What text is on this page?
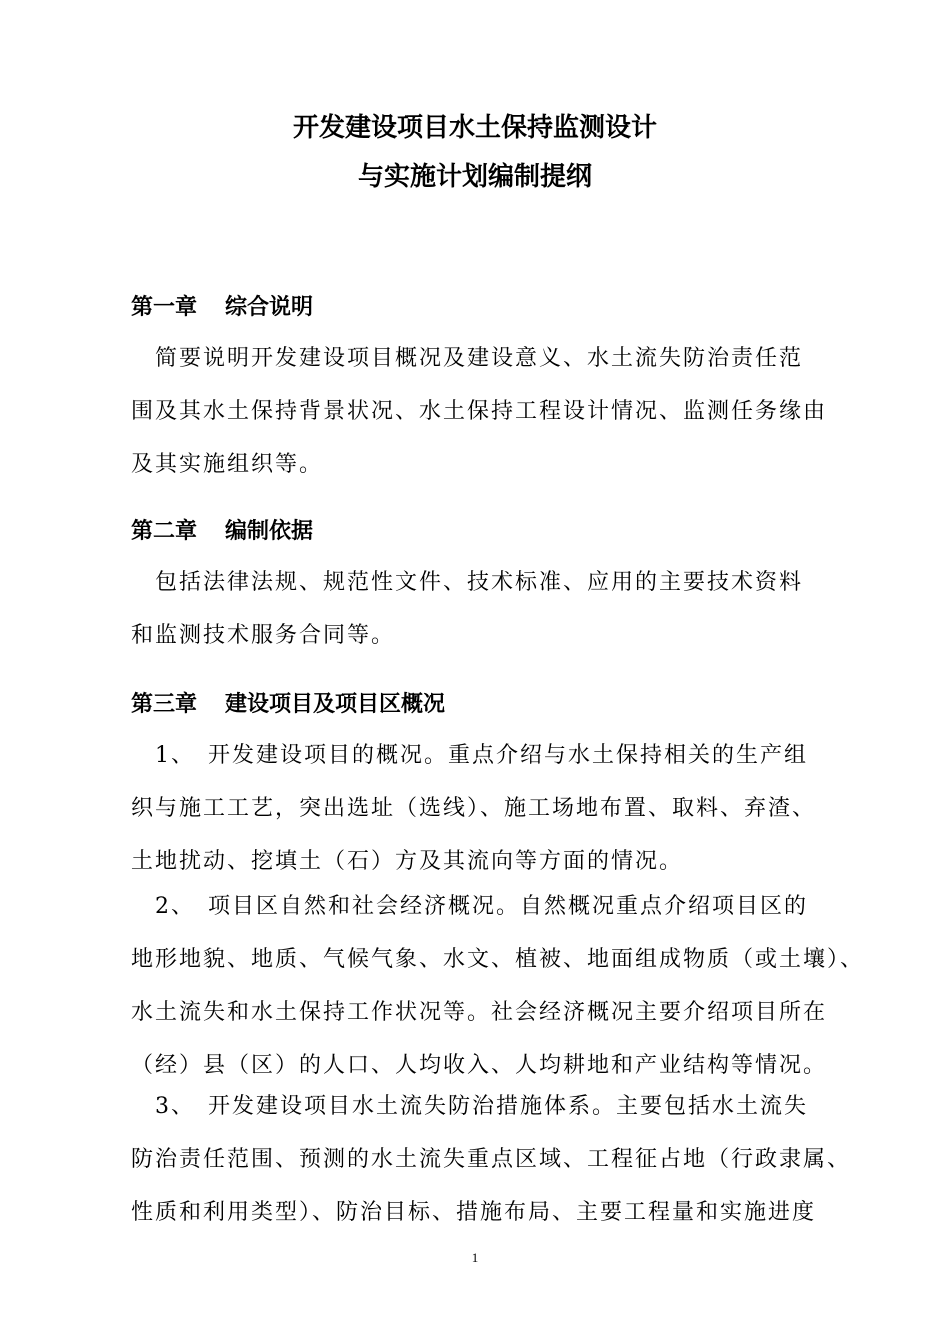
开发建设项目水土保持监测设计
与实施计划编制提纲
第一章 综合说明
　简要说明开发建设项目概况及建设意义、水土流失防治责任范
围及其水土保持背景状况、水土保持工程设计情况、监测任务缘由
及其实施组织等。
第二章 编制依据
　包括法律法规、规范性文件、技术标准、应用的主要技术资料
和监测技术服务合同等。
第三章 建设项目及项目区概况
　1、　开发建设项目的概况。重点介绍与水土保持相关的生产组
织与施工工艺，突出选址（选线）、施工场地布置、取料、弃渣、
土地扰动、挖填土（石）方及其流向等方面的情况。
　2、　项目区自然和社会经济概况。自然概况重点介绍项目区的
地形地貌、地质、气候气象、水文、植被、地面组成物质（或土壤）、
水土流失和水土保持工作状况等。社会经济概况主要介绍项目所在
（经）县（区）的人口、人均收入、人均耕地和产业结构等情况。
　3、　开发建设项目水土流失防治措施体系。主要包括水土流失
防治责任范围、预测的水土流失重点区域、工程征占地（行政隶属、
性质和利用类型）、防治目标、措施布局、主要工程量和实施进度
1
